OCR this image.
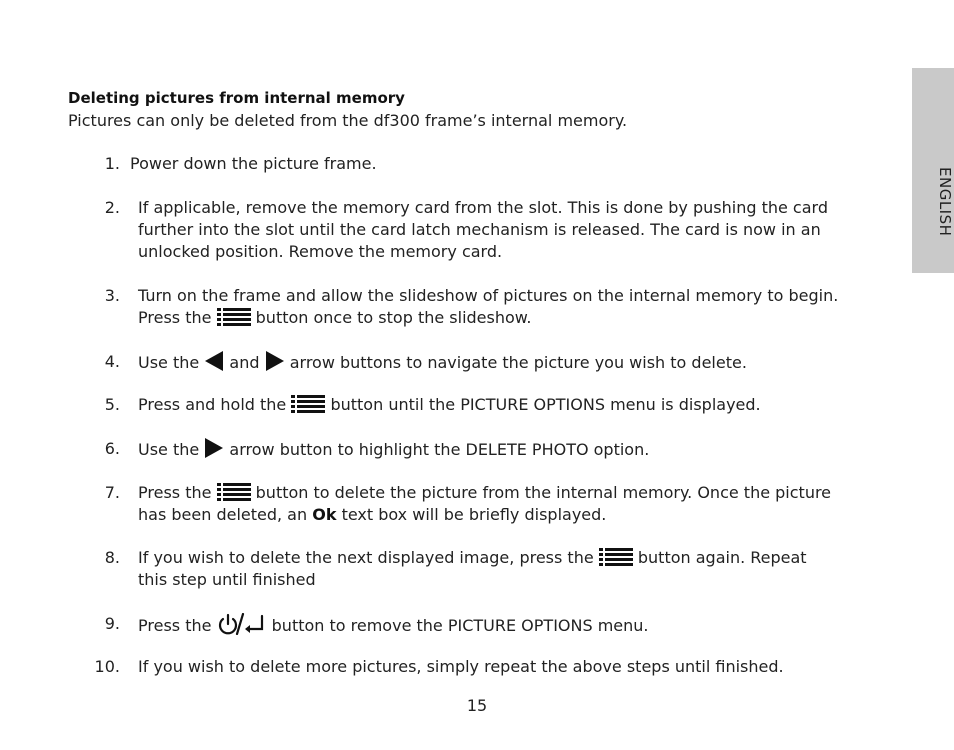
ENGLISH
Deleting pictures from internal memory
Pictures can only be deleted from the df300 frame’s internal memory.
1. Power down the picture frame.
2. If applicable, remove the memory card from the slot. This is done by pushing the card
further into the slot until the card latch mechanism is released. The card is now in an
unlocked position. Remove the memory card.
3. Turn on the frame and allow the slideshow of pictures on the internal memory to begin.
Press the	button once to stop the slideshow.
4. Use the and arrow buttons to navigate the picture you wish to delete.
5. Press and hold the	button until the PICTURE OPTIONS menu is displayed.
6. Use the arrow button to highlight the DELETE PHOTO option.
7. Press the	button to delete the picture from the internal memory. Once the picture
has been deleted, an Ok text box will be briefly displayed.
8. If you wish to delete the next displayed image, press the	button again. Repeat
this step until finished
9. Press the	button to remove the PICTURE OPTIONS menu.
10. If you wish to delete more pictures, simply repeat the above steps until finished.
15
